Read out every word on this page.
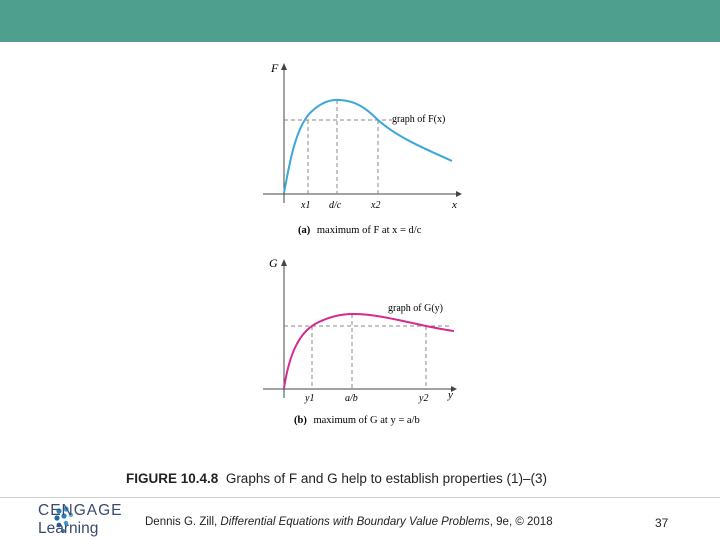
F
x
graph of F(x)
x1 d/c	x2
(a) maximum of F at x = d/c
G
y
graph of G(y)
y1	a/b	y2
(b) maximum of G at y = a/b
FIGURE 10.4.8 Graphs of F and G help to establish properties (1)–(3)
CENGAGE
Learning	Dennis G. Zill, Differential Equations with Boundary Value Problems, 9e, © 2018	37
